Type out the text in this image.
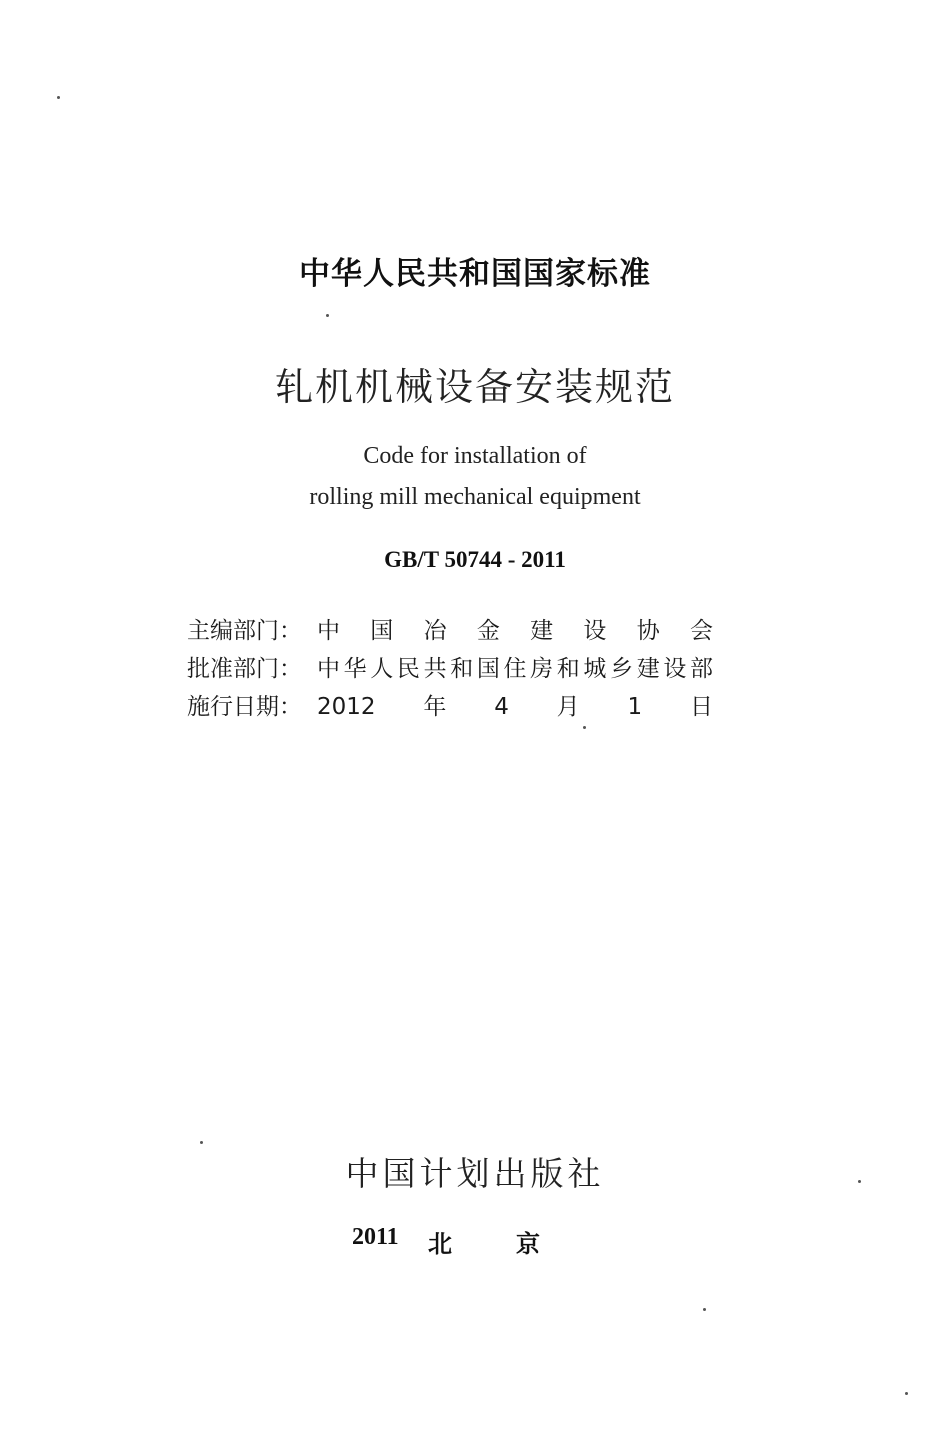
中华人民共和国国家标准
轧机机械设备安装规范
Code for installation of
rolling mill mechanical equipment
GB/T 50744 - 2011
主编部门： 中国冶金建设协会
批准部门： 中华人民共和国住房和城乡建设部
施行日期： 2012年4月1日
中国计划出版社
2011 北京
